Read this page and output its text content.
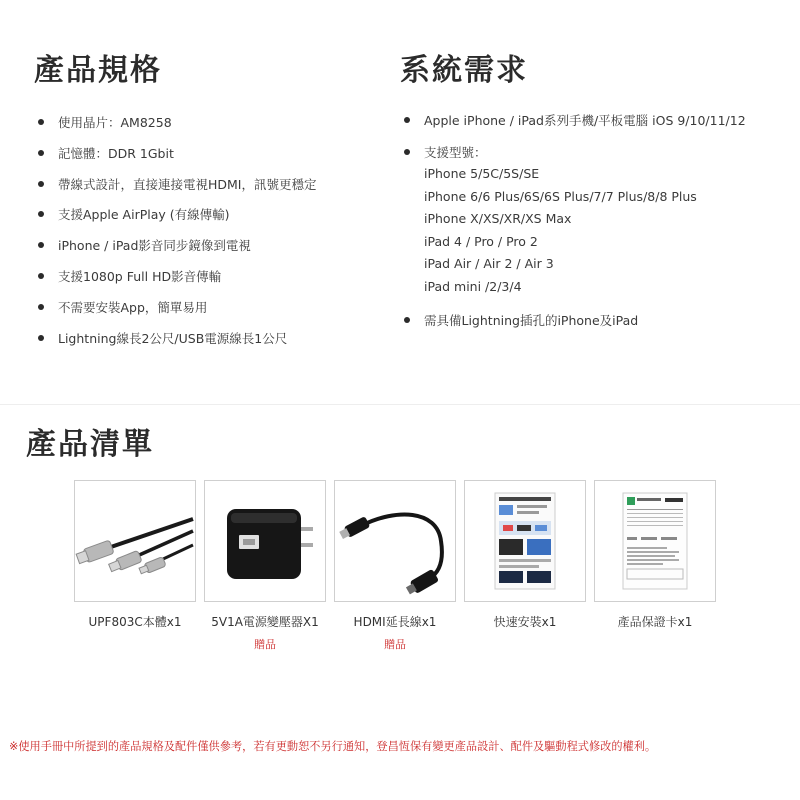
產品規格
使用晶片：AM8258
記憶體：DDR 1Gbit
帶線式設計，直接連接電視HDMI，訊號更穩定
支援Apple AirPlay (有線傳輸)
iPhone / iPad影音同步鏡像到電視
支援1080p Full HD影音傳輸
不需要安裝App，簡單易用
Lightning線長2公尺/USB電源線長1公尺
系統需求
Apple iPhone / iPad系列手機/平板電腦 iOS 9/10/11/12
支援型號：
iPhone 5/5C/5S/SE
iPhone 6/6 Plus/6S/6S Plus/7/7 Plus/8/8 Plus
iPhone X/XS/XR/XS Max
iPad 4 / Pro / Pro 2
iPad Air / Air 2 / Air 3
iPad mini /2/3/4
需具備Lightning插孔的iPhone及iPad
產品清單
UPF803C本體x1	5V1A電源變壓器X1
贈品
HDMI延長線x1
贈品
快速安裝x1	產品保證卡x1
※使用手冊中所提到的產品規格及配件僅供參考，若有更動恕不另行通知，登昌恆保有變更產品設計、配件及驅動程式修改的權利。
